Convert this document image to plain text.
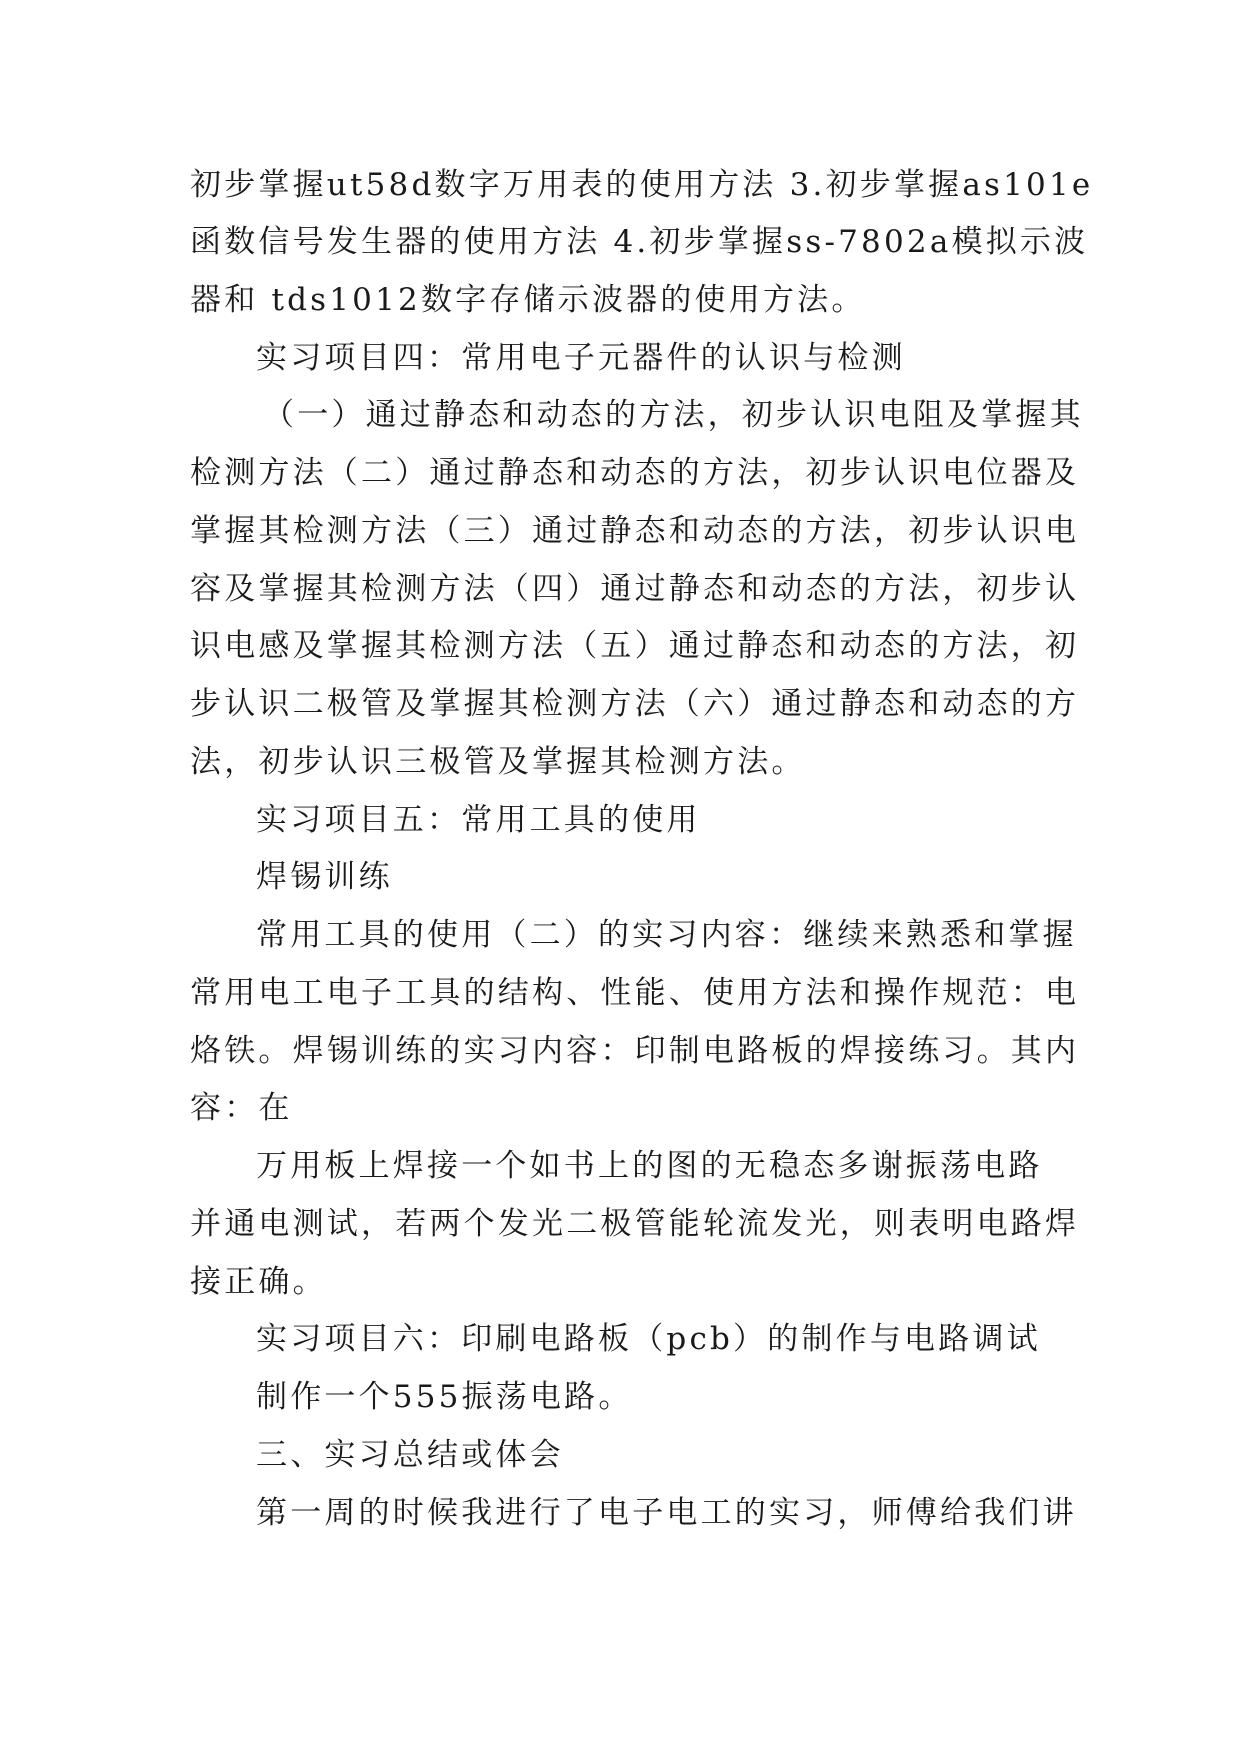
初步掌握ut58d数字万用表的使用方法 3.初步掌握as101e
函数信号发生器的使用方法 4.初步掌握ss-7802a模拟示波
器和 tds1012数字存储示波器的使用方法。
实习项目四：常用电子元器件的认识与检测
（一）通过静态和动态的方法，初步认识电阻及掌握其
检测方法（二）通过静态和动态的方法，初步认识电位器及
掌握其检测方法（三）通过静态和动态的方法，初步认识电
容及掌握其检测方法（四）通过静态和动态的方法，初步认
识电感及掌握其检测方法（五）通过静态和动态的方法，初
步认识二极管及掌握其检测方法（六）通过静态和动态的方
法，初步认识三极管及掌握其检测方法。
实习项目五：常用工具的使用
焊锡训练
常用工具的使用（二）的实习内容：继续来熟悉和掌握
常用电工电子工具的结构、性能、使用方法和操作规范：电
烙铁。焊锡训练的实习内容：印制电路板的焊接练习。其内
容：在
万用板上焊接一个如书上的图的无稳态多谢振荡电路
并通电测试，若两个发光二极管能轮流发光，则表明电路焊
接正确。
实习项目六：印刷电路板（pcb）的制作与电路调试
制作一个555振荡电路。
三、实习总结或体会
第一周的时候我进行了电子电工的实习，师傅给我们讲
